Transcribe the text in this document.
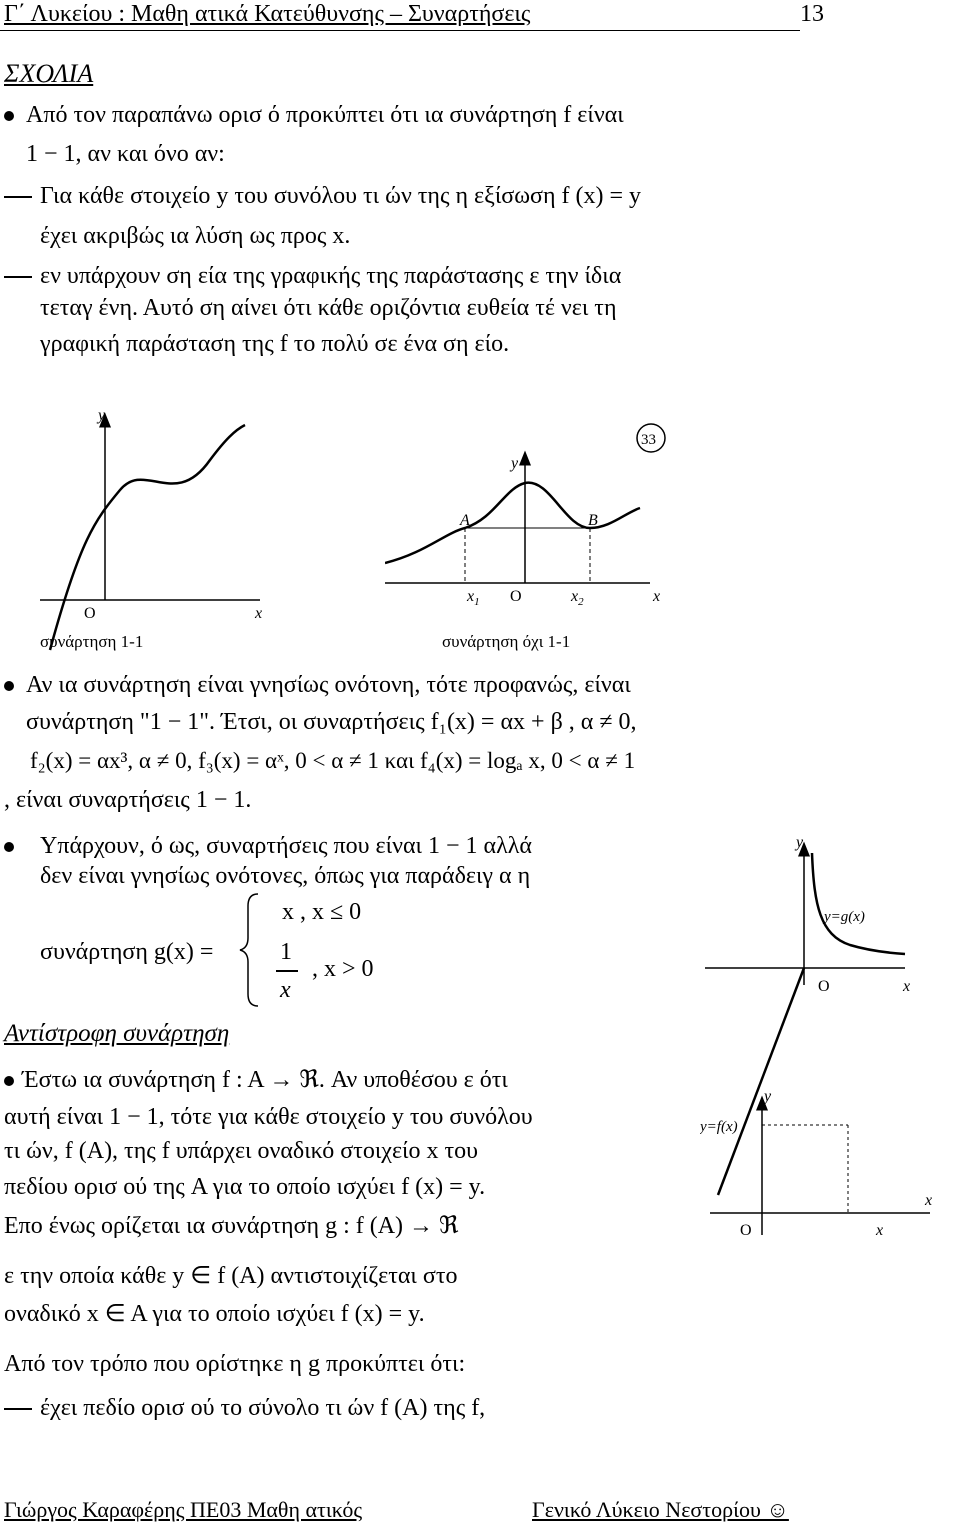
Γ΄ Λυκείου : Μαθη ατικά Κατεύθυνσης – Συναρτήσεις	13
ΣΧΟΛΙΑ
Από τον παραπάνω ορισ ό προκύπτει ότι ια συνάρτηση f είναι
1 − 1, αν και όνο αν:
Για κάθε στοιχείο y του συνόλου τι ών της η εξίσωση f (x) = y
έχει ακριβώς ια λύση ως προς x.
εν υπάρχουν ση εία της γραφικής της παράστασης ε την ίδια
τεταγ ένη. Αυτό ση αίνει ότι κάθε οριζόντια ευθεία τέ νει τη
γραφική παράσταση της f το πολύ σε ένα ση είο.
y
x
O
συνάρτηση 1-1
A	B
y
O	x
$x_1$	$x_2$
33
συνάρτηση όχι 1-1
Αν ια συνάρτηση είναι γνησίως ονότονη, τότε προφανώς, είναι
συνάρτηση "1 − 1". Έτσι, οι συναρτήσεις f₁(x) = αx + β , α ≠ 0,
f₂(x) = αx³, α ≠ 0, f₃(x) = αˣ, 0 < α ≠ 1 και f₄(x) = logₐ x, 0 < α ≠ 1
, είναι συναρτήσεις 1 − 1.
Υπάρχουν, ό ως, συναρτήσεις που είναι 1 − 1 αλλά
δεν είναι γνησίως ονότονες, όπως για παράδειγ α η
συνάρτηση g(x) =
x , x ≤ 0
1
x
, x > 0
y
y=g(x)
O	x
Αντίστροφη συνάρτηση
Έστω ια συνάρτηση f : A → ℜ. Αν υποθέσου ε ότι
αυτή είναι 1 − 1, τότε για κάθε στοιχείο y του συνόλου
τι ών, f (A), της f υπάρχει οναδικό στοιχείο x του
πεδίου ορισ ού της A για το οποίο ισχύει f (x) = y.
Επο ένως ορίζεται ια συνάρτηση g : f (A) → ℜ
ε την οποία κάθε y ∈ f (A) αντιστοιχίζεται στο
οναδικό x ∈ A για το οποίο ισχύει f (x) = y.
Από τον τρόπο που ορίστηκε η g προκύπτει ότι:
έχει πεδίο ορισ ού το σύνολο τι ών f (A) της f,
y
y=f(x)
O	x
x
Γιώργος Καραφέρης ΠΕ03 Μαθη ατικός	Γενικό Λύκειο Νεστορίου ☺
